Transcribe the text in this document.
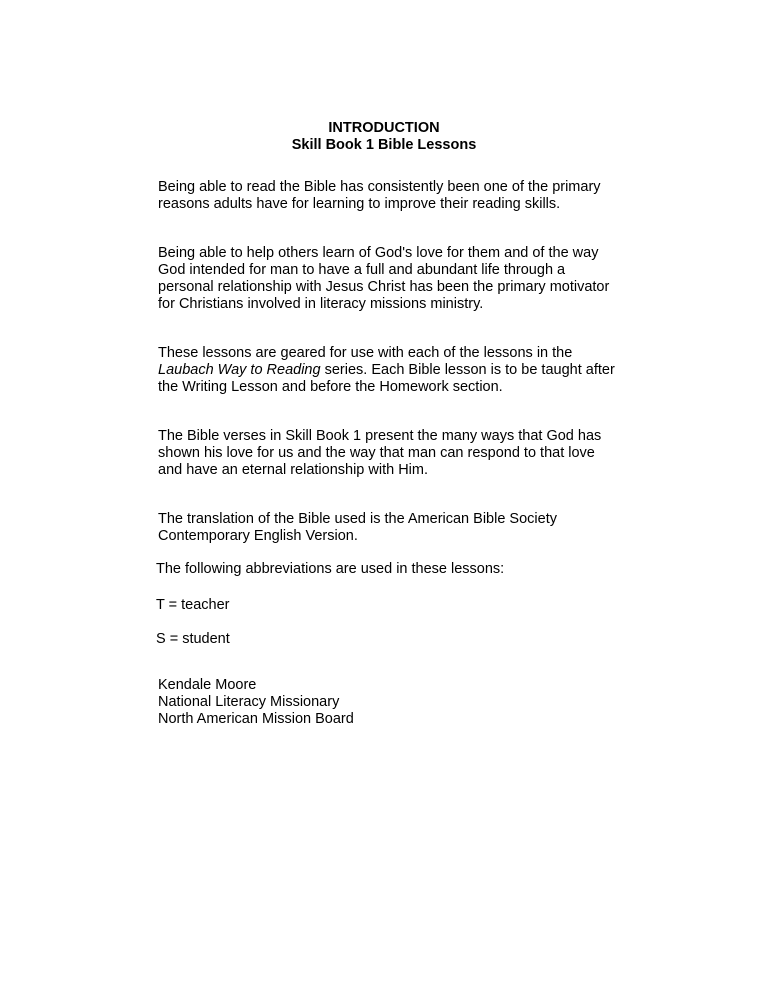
INTRODUCTION
Skill Book 1 Bible Lessons

Being able to read the Bible has consistently been one of the primary reasons adults have for learning to improve their reading skills.

Being able to help others learn of God's love for them and of the way God intended for man to have a full and abundant life through a personal relationship with Jesus Christ has been the primary motivator for Christians involved in literacy missions ministry.

These lessons are geared for use with each of the lessons in the Laubach Way to Reading series. Each Bible lesson is to be taught after the Writing Lesson and before the Homework section.

The Bible verses in Skill Book 1 present the many ways that God has shown his love for us and the way that man can respond to that love and have an eternal relationship with Him.

The translation of the Bible used is the American Bible Society Contemporary English Version.

The following abbreviations are used in these lessons:

T = teacher

S = student

Kendale Moore

National Literacy Missionary

North American Mission Board
